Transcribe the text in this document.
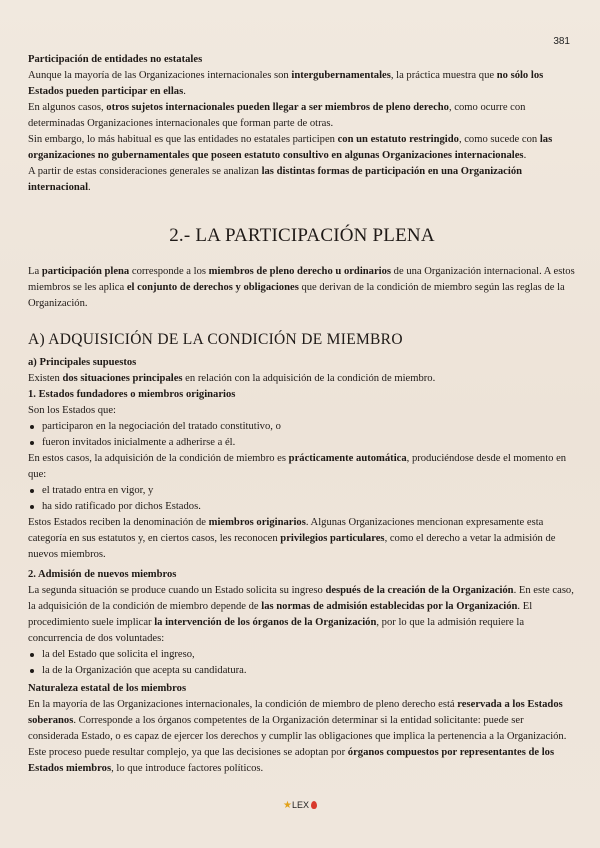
381

Participación de entidades no estatales

Aunque la mayoría de las Organizaciones internacionales son intergubernamentales, la práctica muestra que no sólo los Estados pueden participar en ellas.

En algunos casos, otros sujetos internacionales pueden llegar a ser miembros de pleno derecho, como ocurre con determinadas Organizaciones internacionales que forman parte de otras.

Sin embargo, lo más habitual es que las entidades no estatales participen con un estatuto restringido, como sucede con las organizaciones no gubernamentales que poseen estatuto consultivo en algunas Organizaciones internacionales.

A partir de estas consideraciones generales se analizan las distintas formas de participación en una Organización internacional.

2.- LA PARTICIPACIÓN PLENA

La participación plena corresponde a los miembros de pleno derecho u ordinarios de una Organización internacional. A estos miembros se les aplica el conjunto de derechos y obligaciones que derivan de la condición de miembro según las reglas de la Organización.

A) ADQUISICIÓN DE LA CONDICIÓN DE MIEMBRO

a) Principales supuestos

Existen dos situaciones principales en relación con la adquisición de la condición de miembro.

1. Estados fundadores o miembros originarios

Son los Estados que:

participaron en la negociación del tratado constitutivo, o

fueron invitados inicialmente a adherirse a él.

En estos casos, la adquisición de la condición de miembro es prácticamente automática, produciéndose desde el momento en que:

el tratado entra en vigor, y

ha sido ratificado por dichos Estados.

Estos Estados reciben la denominación de miembros originarios. Algunas Organizaciones mencionan expresamente esta categoría en sus estatutos y, en ciertos casos, les reconocen privilegios particulares, como el derecho a vetar la admisión de nuevos miembros.

2. Admisión de nuevos miembros

La segunda situación se produce cuando un Estado solicita su ingreso después de la creación de la Organización. En este caso, la adquisición de la condición de miembro depende de las normas de admisión establecidas por la Organización. El procedimiento suele implicar la intervención de los órganos de la Organización, por lo que la admisión requiere la concurrencia de dos voluntades:

la del Estado que solicita el ingreso,

la de la Organización que acepta su candidatura.

Naturaleza estatal de los miembros

En la mayoría de las Organizaciones internacionales, la condición de miembro de pleno derecho está reservada a los Estados soberanos. Corresponde a los órganos competentes de la Organización determinar si la entidad solicitante: puede ser considerada Estado, o es capaz de ejercer los derechos y cumplir las obligaciones que implica la pertenencia a la Organización.

Este proceso puede resultar complejo, ya que las decisiones se adoptan por órganos compuestos por representantes de los Estados miembros, lo que introduce factores políticos.

★LEX
